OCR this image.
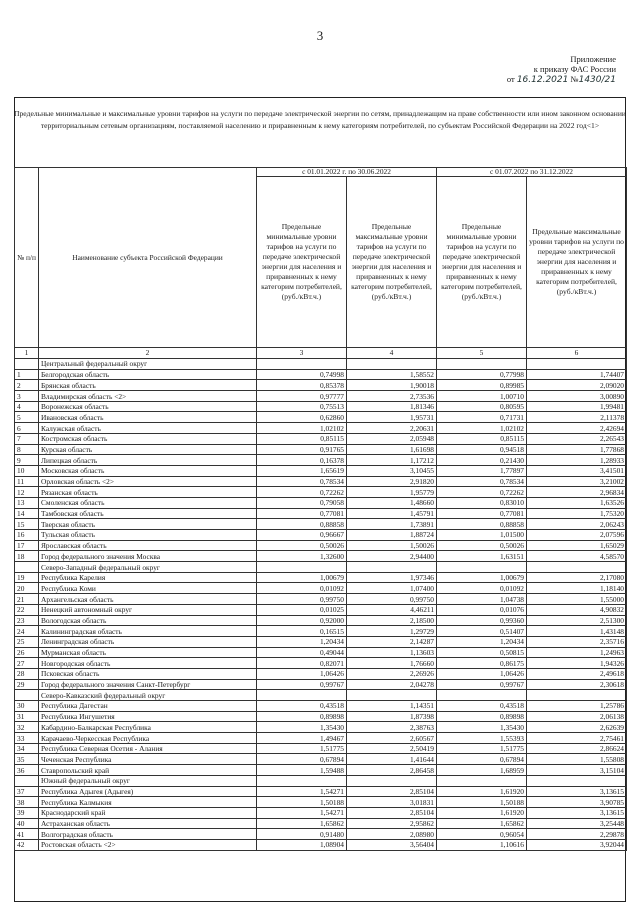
3
Приложение
к приказу ФАС России
от 16.12.2021 №1430/21
Предельные минимальные и максимальные уровни тарифов на услуги по передаче электрической энергии по сетям, принадлежащим на праве собственности или ином законном основании территориальным сетевым организациям, поставляемой населению и приравненным к нему категориям потребителей, по субъектам Российской Федерации на 2022 год<1>
№ п/п	Наименование субъекта Российской Федерации	с 01.01.2022 г. по 30.06.2022		с 01.07.2022 по 31.12.2022	
		Предельные минимальные уровни тарифов на услуги по передаче электрической энергии для населения и приравненных к нему категорим потребителей, (руб./кВт.ч.)	Предельные максимальные уровни тарифов на услуги по передаче электрической энергии для населения и приравненных к нему категорим потребителей, (руб./кВт.ч.)	Предельные минимальные уровни тарифов на услуги по передаче электрической энергии для населения и приравненных к нему категорим потребителей, (руб./кВт.ч.)	Предельные максимальные уровни тарифов на услуги по передаче электрической энергии для населения и приравненных к нему категорим потребителей, (руб./кВт.ч.)
1	2	3	4	5	6
	Центральный федеральный округ				
1	Белгородская область	0,74998	1,58552	0,77998	1,74407
2	Брянская область	0,85378	1,90018	0,89985	2,09020
3	Владимирская область <2>	0,97777	2,73536	1,00710	3,00890
4	Воронежская область	0,75513	1,81346	0,80595	1,99481
5	Ивановская область	0,62860	1,95731	0,71731	2,11378
6	Калужская область	1,02102	2,20631	1,02102	2,42694
7	Костромская область	0,85115	2,05948	0,85115	2,26543
8	Курская область	0,91765	1,61698	0,94518	1,77868
9	Липецкая область	0,16378	1,17212	0,21430	1,28933
10	Московская область	1,65619	3,10455	1,77897	3,41501
11	Орловская область <2>	0,78534	2,91820	0,78534	3,21002
12	Рязанская область	0,72262	1,95779	0,72262	2,96834
13	Смоленская область	0,79058	1,48660	0,83010	1,63526
14	Тамбовская область	0,77081	1,45791	0,77081	1,75320
15	Тверская область	0,88858	1,73891	0,88858	2,06243
16	Тульская область	0,96667	1,88724	1,01500	2,07596
17	Ярославская область	0,50026	1,50026	0,50026	1,65029
18	Город федерального значения Москва	1,32600	2,94400	1,63151	4,58570
	Северо-Западный федеральный округ				
19	Республика Карелия	1,00679	1,97346	1,00679	2,17080
20	Республика Коми	0,01092	1,07400	0,01092	1,18140
21	Архангельская область	0,99750	0,99750	1,04738	1,55000
22	Ненецкий автономный округ	0,01025	4,46211	0,01076	4,90832
23	Вологодская область	0,92000	2,18500	0,99360	2,51300
24	Калининградская область	0,16515	1,29729	0,51407	1,43148
25	Ленинградская область	1,20434	2,14287	1,20434	2,35716
26	Мурманская область	0,49044	1,13603	0,50815	1,24963
27	Новгородская область	0,82071	1,76660	0,86175	1,94326
28	Псковская область	1,06426	2,26926	1,06426	2,49618
29	Город федерального значения Санкт-Петербург	0,99767	2,04278	0,99767	2,30618
	Северо-Кавказский федеральный округ				
30	Республика Дагестан	0,43518	1,14351	0,43518	1,25786
31	Республика Ингушетия	0,89898	1,87398	0,89898	2,06138
32	Кабардино-Балкарская Республика	1,35430	2,38763	1,35430	2,62639
33	Карачаево-Черкесская Республика	1,49467	2,60567	1,55393	2,75461
34	Республика Северная Осетия - Алания	1,51775	2,50419	1,51775	2,86624
35	Чеченская Республика	0,67894	1,41644	0,67894	1,55808
36	Ставропольский край	1,59488	2,86458	1,68959	3,15104
	Южный федеральный округ				
37	Республика Адыгея (Адыгея)	1,54271	2,85104	1,61920	3,13615
38	Республика Калмыкия	1,50188	3,01831	1,50188	3,90785
39	Краснодарский край	1,54271	2,85104	1,61920	3,13615
40	Астраханская область	1,65862	2,95862	1,65862	3,25448
41	Волгоградская область	0,91480	2,08980	0,96054	2,29878
42	Ростовская область <2>	1,08904	3,56404	1,10616	3,92044
